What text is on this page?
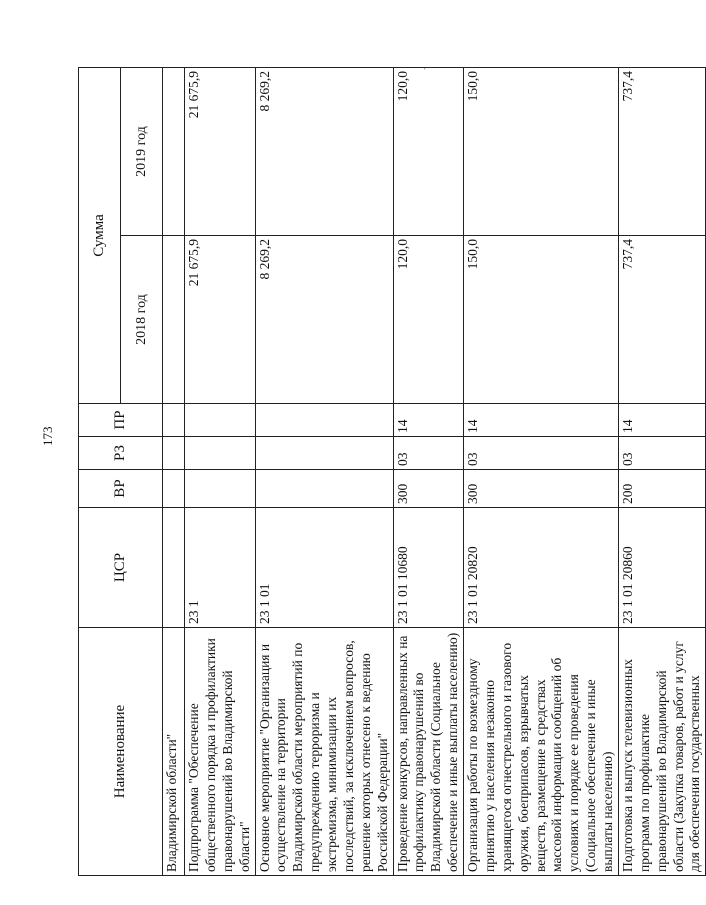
173
'
Наименование	ЦСР	ВР	РЗ	ПР	Сумма	
					2018 год	2019 год
Владимирской области"						
Подпрограмма "Обеспечение общественного порядка и профилактики правонарушений во Владимирской области"	23 1				21 675,9	21 675,9
Основное мероприятие "Организация и осуществление на территории Владимирской области мероприятий по предупреждению терроризма и экстремизма, минимизации их последствий, за исключением вопросов, решение которых отнесено к ведению Российской Федерации"	23 1 01				8 269,2	8 269,2
Проведение конкурсов, направленных на профилактику правонарушений во Владимирской области (Социальное обеспечение и иные выплаты населению)	23 1 01 10680	300	03	14	120,0	120,0
Организация работы по возмездному принятию у населения незаконно хранящегося огнестрельного и газового оружия, боеприпасов, взрывчатых веществ, размещение в средствах массовой информации сообщений об условиях и порядке ее проведения (Социальное обеспечение и иные выплаты населению)	23 1 01 20820	300	03	14	150,0	150,0
Подготовка и выпуск телевизионных программ по профилактике правонарушений во Владимирской области (Закупка товаров, работ и услуг для обеспечения государственных	23 1 01 20860	200	03	14	737,4	737,4
